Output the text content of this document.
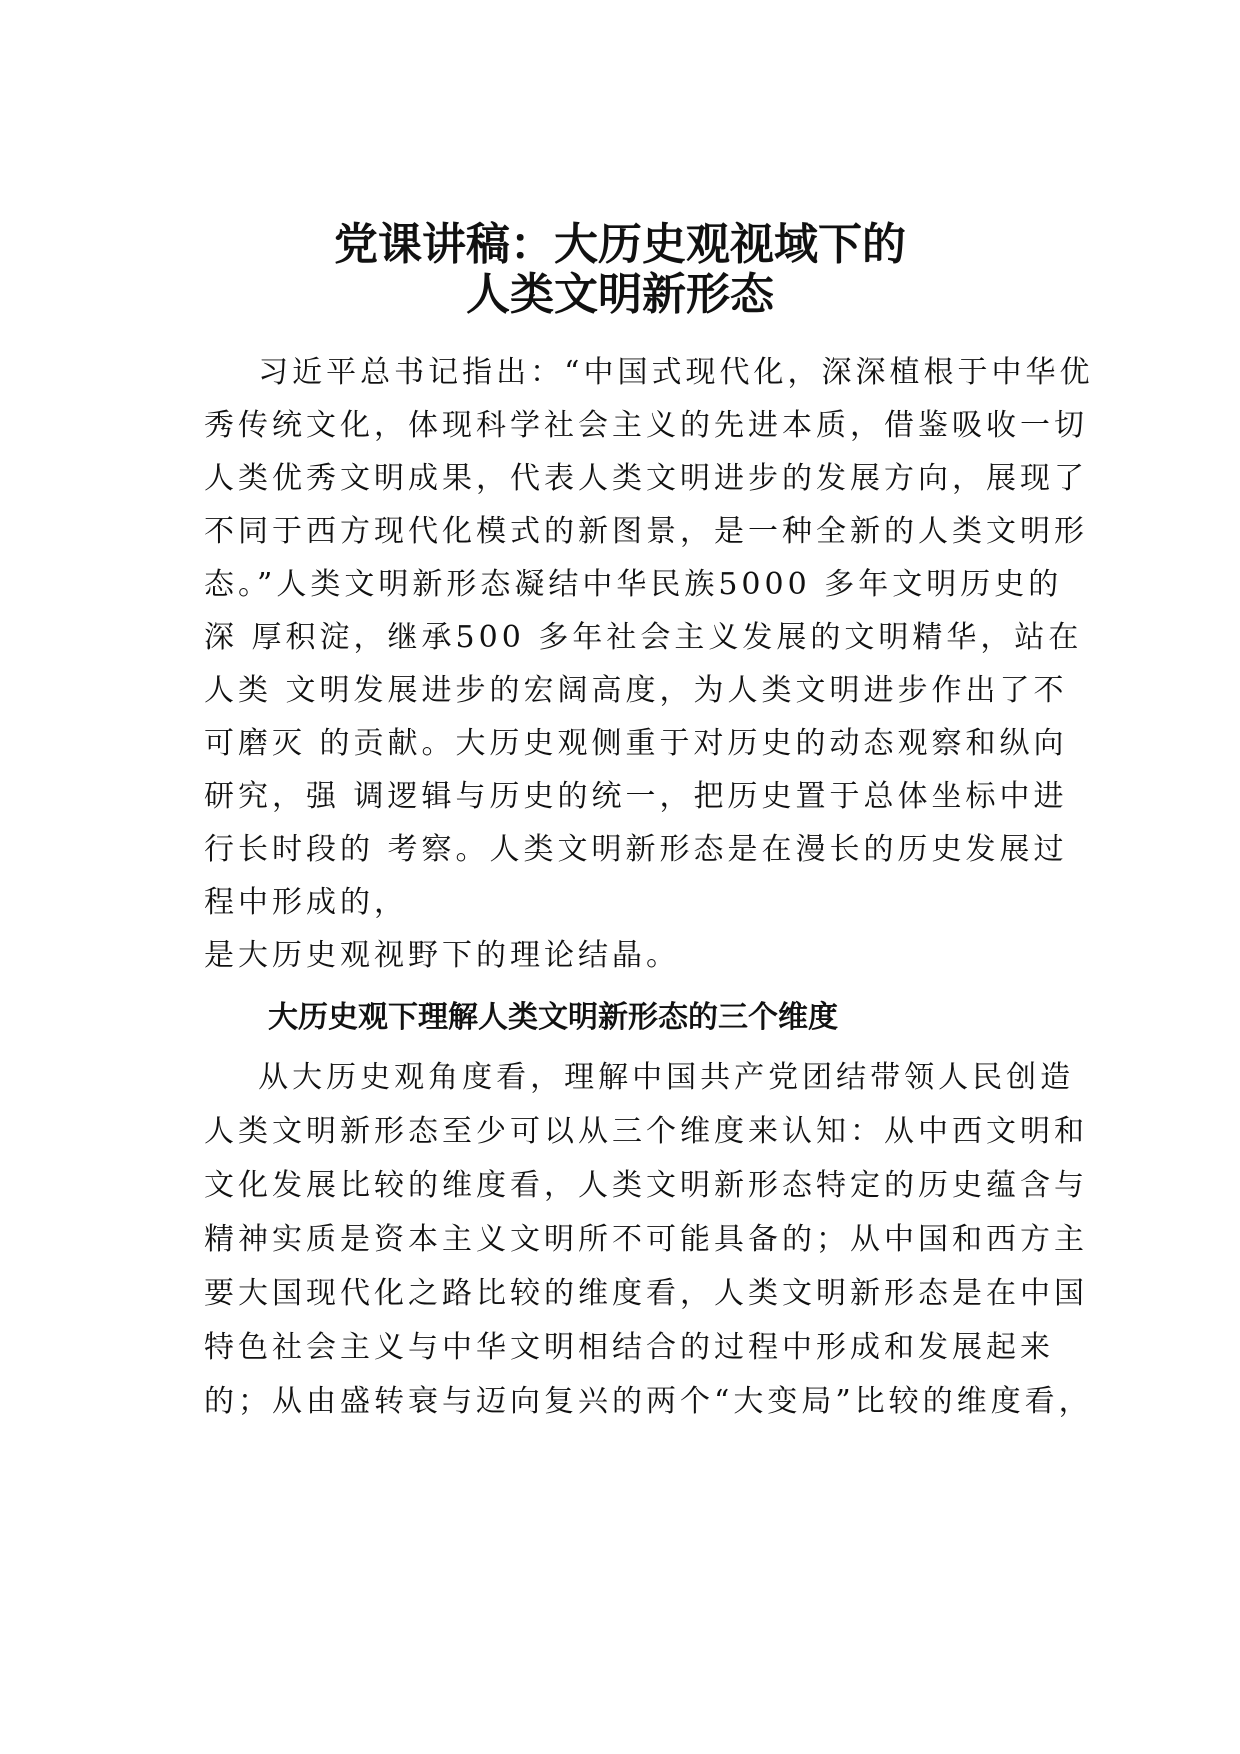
党课讲稿：大历史观视域下的
人类文明新形态

习近平总书记指出：“中国式现代化，深深植根于中华优

秀传统文化，体现科学社会主义的先进本质，借鉴吸收一切

人类优秀文明成果，代表人类文明进步的发展方向，展现了

不同于西方现代化模式的新图景，是一种全新的人类文明形

态。”人类文明新形态凝结中华民族5000 多年文明历史的

深 厚积淀，继承500 多年社会主义发展的文明精华，站在

人类 文明发展进步的宏阔高度，为人类文明进步作出了不

可磨灭 的贡献。大历史观侧重于对历史的动态观察和纵向

研究，强 调逻辑与历史的统一，把历史置于总体坐标中进

行长时段的 考察。人类文明新形态是在漫长的历史发展过

程中形成的，

是大历史观视野下的理论结晶。

大历史观下理解人类文明新形态的三个维度

从大历史观角度看，理解中国共产党团结带领人民创造

人类文明新形态至少可以从三个维度来认知：从中西文明和

文化发展比较的维度看，人类文明新形态特定的历史蕴含与

精神实质是资本主义文明所不可能具备的；从中国和西方主

要大国现代化之路比较的维度看，人类文明新形态是在中国

特色社会主义与中华文明相结合的过程中形成和发展起来

的；从由盛转衰与迈向复兴的两个“大变局”比较的维度看，
